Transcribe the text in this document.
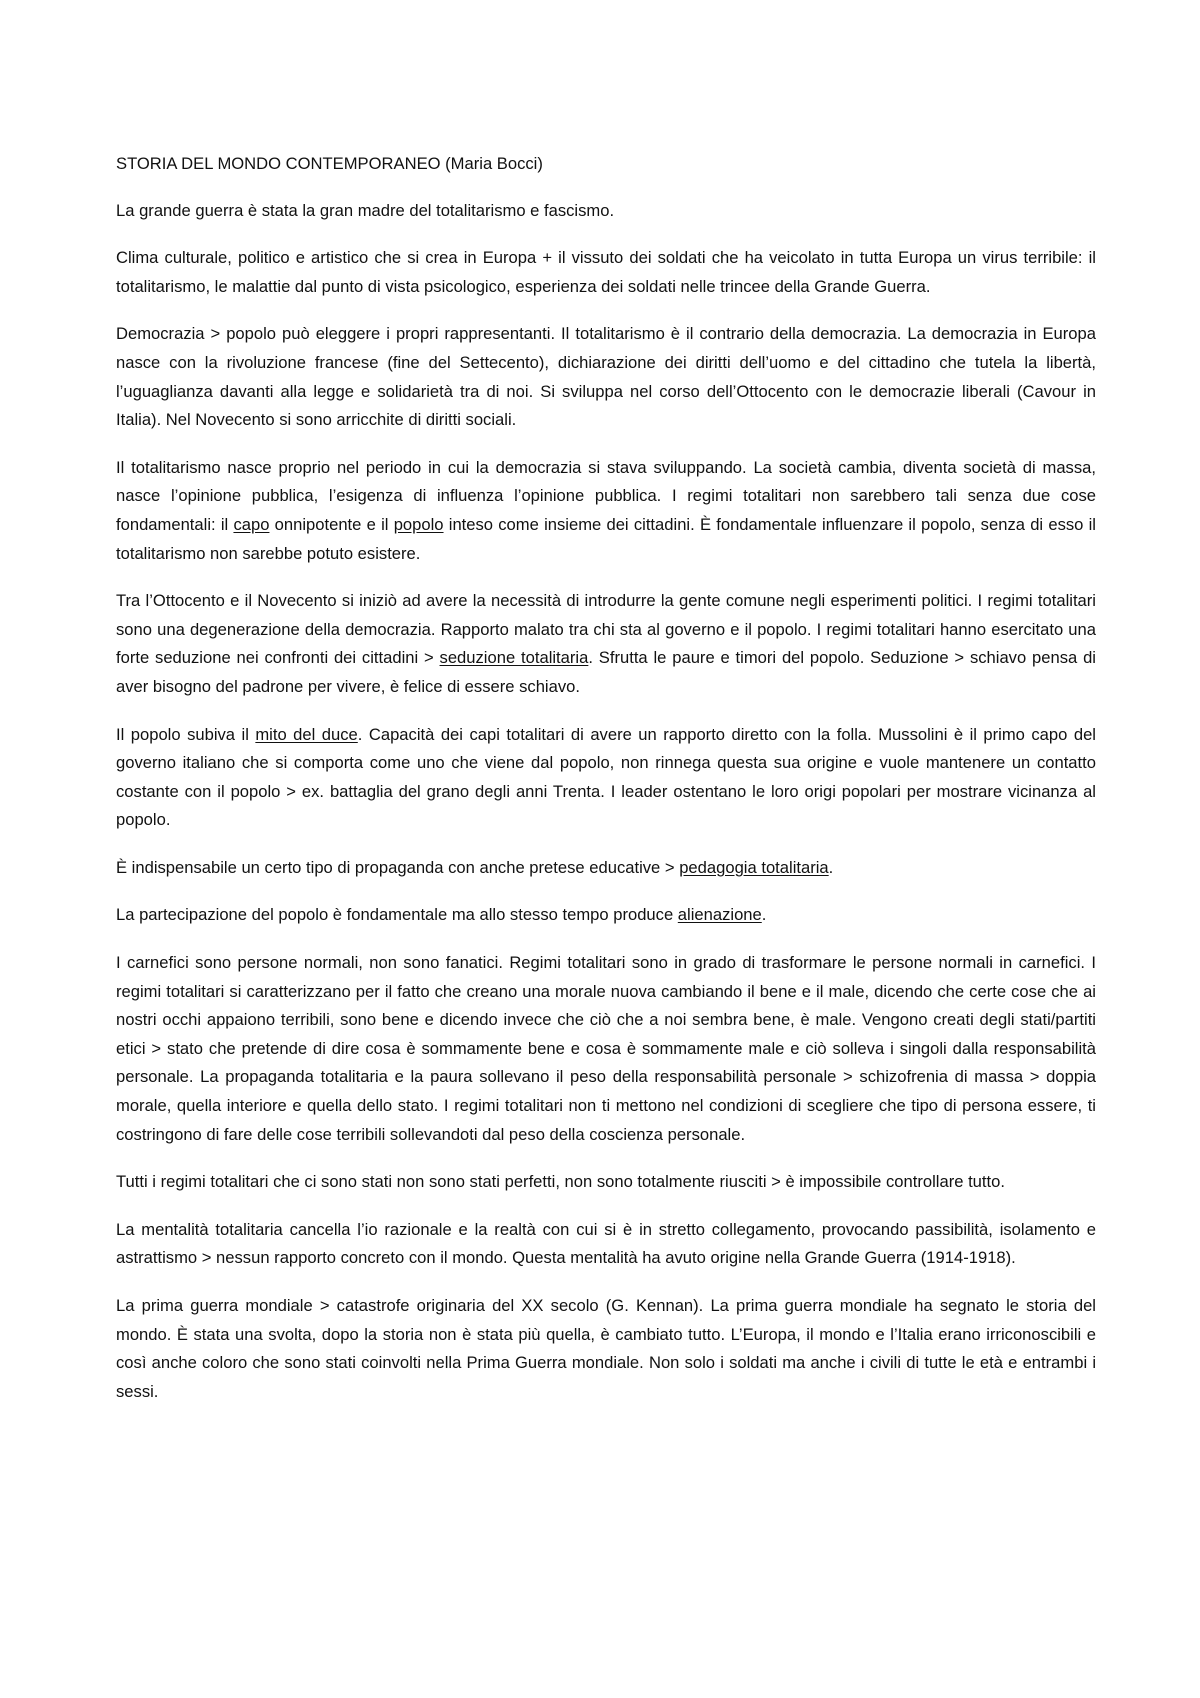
STORIA DEL MONDO CONTEMPORANEO (Maria Bocci)

La grande guerra è stata la gran madre del totalitarismo e fascismo.

Clima culturale, politico e artistico che si crea in Europa + il vissuto dei soldati che ha veicolato in tutta Europa un virus terribile: il totalitarismo, le malattie dal punto di vista psicologico, esperienza dei soldati nelle trincee della Grande Guerra.

Democrazia > popolo può eleggere i propri rappresentanti. Il totalitarismo è il contrario della democrazia. La democrazia in Europa nasce con la rivoluzione francese (fine del Settecento), dichiarazione dei diritti dell’uomo e del cittadino che tutela la libertà, l’uguaglianza davanti alla legge e solidarietà tra di noi. Si sviluppa nel corso dell’Ottocento con le democrazie liberali (Cavour in Italia). Nel Novecento si sono arricchite di diritti sociali.

Il totalitarismo nasce proprio nel periodo in cui la democrazia si stava sviluppando. La società cambia, diventa società di massa, nasce l’opinione pubblica, l’esigenza di influenza l’opinione pubblica. I regimi totalitari non sarebbero tali senza due cose fondamentali: il capo onnipotente e il popolo inteso come insieme dei cittadini. È fondamentale influenzare il popolo, senza di esso il totalitarismo non sarebbe potuto esistere.

Tra l’Ottocento e il Novecento si iniziò ad avere la necessità di introdurre la gente comune negli esperimenti politici. I regimi totalitari sono una degenerazione della democrazia. Rapporto malato tra chi sta al governo e il popolo. I regimi totalitari hanno esercitato una forte seduzione nei confronti dei cittadini > seduzione totalitaria. Sfrutta le paure e timori del popolo. Seduzione > schiavo pensa di aver bisogno del padrone per vivere, è felice di essere schiavo.

Il popolo subiva il mito del duce. Capacità dei capi totalitari di avere un rapporto diretto con la folla. Mussolini è il primo capo del governo italiano che si comporta come uno che viene dal popolo, non rinnega questa sua origine e vuole mantenere un contatto costante con il popolo > ex. battaglia del grano degli anni Trenta. I leader ostentano le loro origi popolari per mostrare vicinanza al popolo.

È indispensabile un certo tipo di propaganda con anche pretese educative > pedagogia totalitaria.

La partecipazione del popolo è fondamentale ma allo stesso tempo produce alienazione.

I carnefici sono persone normali, non sono fanatici. Regimi totalitari sono in grado di trasformare le persone normali in carnefici. I regimi totalitari si caratterizzano per il fatto che creano una morale nuova cambiando il bene e il male, dicendo che certe cose che ai nostri occhi appaiono terribili, sono bene e dicendo invece che ciò che a noi sembra bene, è male. Vengono creati degli stati/partiti etici > stato che pretende di dire cosa è sommamente bene e cosa è sommamente male e ciò solleva i singoli dalla responsabilità personale. La propaganda totalitaria e la paura sollevano il peso della responsabilità personale > schizofrenia di massa > doppia morale, quella interiore e quella dello stato. I regimi totalitari non ti mettono nel condizioni di scegliere che tipo di persona essere, ti costringono di fare delle cose terribili sollevandoti dal peso della coscienza personale.

Tutti i regimi totalitari che ci sono stati non sono stati perfetti, non sono totalmente riusciti > è impossibile controllare tutto.

La mentalità totalitaria cancella l’io razionale e la realtà con cui si è in stretto collegamento, provocando passibilità, isolamento e astrattismo > nessun rapporto concreto con il mondo. Questa mentalità ha avuto origine nella Grande Guerra (1914-1918).

La prima guerra mondiale > catastrofe originaria del XX secolo (G. Kennan). La prima guerra mondiale ha segnato le storia del mondo. È stata una svolta, dopo la storia non è stata più quella, è cambiato tutto. L’Europa, il mondo e l’Italia erano irriconoscibili e così anche coloro che sono stati coinvolti nella Prima Guerra mondiale. Non solo i soldati ma anche i civili di tutte le età e entrambi i sessi.
